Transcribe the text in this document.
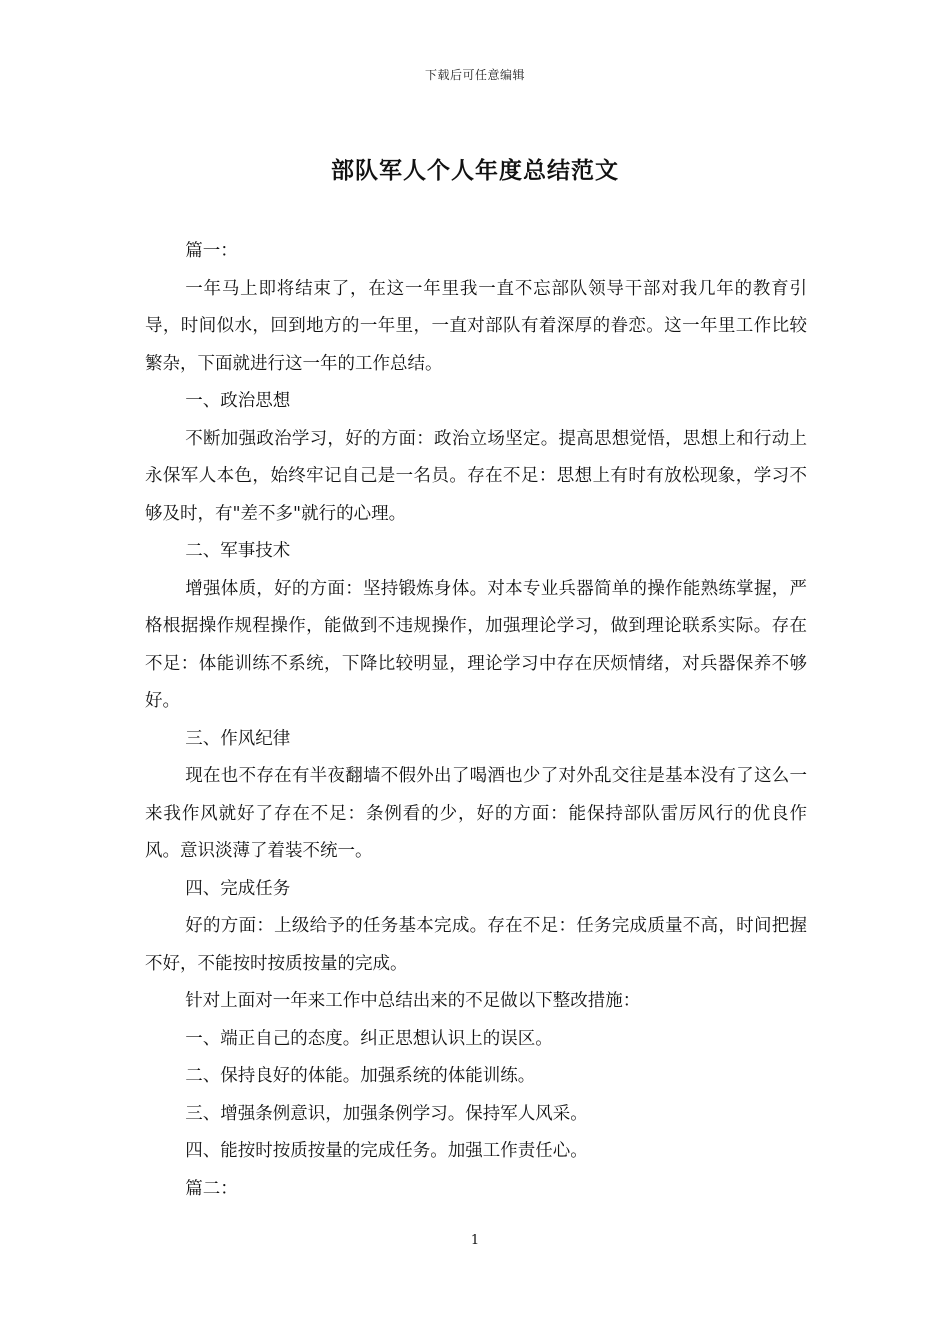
下载后可任意编辑
部队军人个人年度总结范文

篇一：

一年马上即将结束了，在这一年里我一直不忘部队领导干部对我几年的教育引导，时间似水，回到地方的一年里，一直对部队有着深厚的眷恋。这一年里工作比较繁杂，下面就进行这一年的工作总结。

一、政治思想

不断加强政治学习，好的方面：政治立场坚定。提高思想觉悟，思想上和行动上永保军人本色，始终牢记自己是一名员。存在不足：思想上有时有放松现象，学习不够及时，有"差不多"就行的心理。

二、军事技术

增强体质，好的方面：坚持锻炼身体。对本专业兵器简单的操作能熟练掌握，严格根据操作规程操作，能做到不违规操作，加强理论学习，做到理论联系实际。存在不足：体能训练不系统，下降比较明显，理论学习中存在厌烦情绪，对兵器保养不够好。

三、作风纪律

现在也不存在有半夜翻墙不假外出了喝酒也少了对外乱交往是基本没有了这么一来我作风就好了存在不足：条例看的少，好的方面：能保持部队雷厉风行的优良作风。意识淡薄了着装不统一。

四、完成任务

好的方面：上级给予的任务基本完成。存在不足：任务完成质量不高，时间把握不好，不能按时按质按量的完成。

针对上面对一年来工作中总结出来的不足做以下整改措施：

一、端正自己的态度。纠正思想认识上的误区。

二、保持良好的体能。加强系统的体能训练。

三、增强条例意识，加强条例学习。保持军人风采。

四、能按时按质按量的完成任务。加强工作责任心。

篇二：

1
